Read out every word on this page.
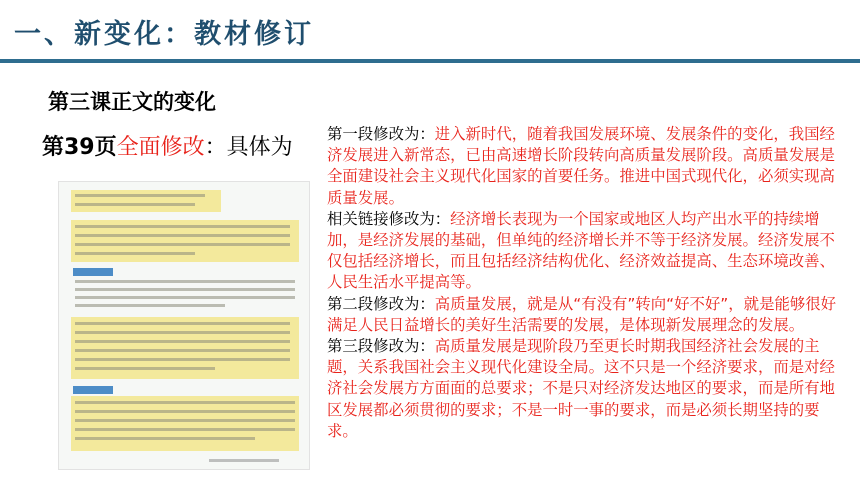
一、新变化：教材修订
第三课正文的变化
第39页全面修改：具体为

第一段修改为：进入新时代，随着我国发展环境、发展条件的变化，我国经济发展进入新常态，已由高速增长阶段转向高质量发展阶段。高质量发展是全面建设社会主义现代化国家的首要任务。推进中国式现代化，必须实现高质量发展。

相关链接修改为：经济增长表现为一个国家或地区人均产出水平的持续增加，是经济发展的基础，但单纯的经济增长并不等于经济发展。经济发展不仅包括经济增长，而且包括经济结构优化、经济效益提高、生态环境改善、人民生活水平提高等。

第二段修改为：高质量发展，就是从“有没有”转向“好不好”，就是能够很好满足人民日益增长的美好生活需要的发展，是体现新发展理念的发展。

第三段修改为：高质量发展是现阶段乃至更长时期我国经济社会发展的主题，关系我国社会主义现代化建设全局。这不只是一个经济要求，而是对经济社会发展方方面面的总要求；不是只对经济发达地区的要求，而是所有地区发展都必须贯彻的要求；不是一时一事的要求，而是必须长期坚持的要求。
